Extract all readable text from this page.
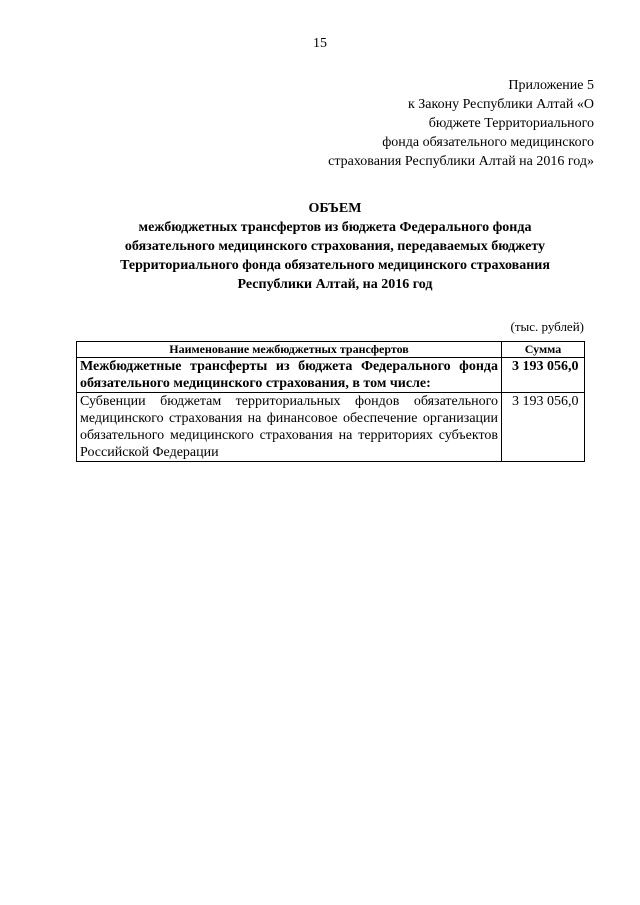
15
Приложение 5
к Закону Республики Алтай «О
бюджете Территориального
фонда обязательного медицинского
страхования Республики Алтай на 2016 год»
ОБЪЕМ
межбюджетных трансфертов из бюджета Федерального фонда
обязательного медицинского страхования, передаваемых бюджету
Территориального фонда обязательного медицинского страхования
Республики Алтай, на 2016 год
(тыс. рублей)
Наименование межбюджетных трансфертов	Сумма
Межбюджетные трансферты из бюджета Федерального фонда обязательного медицинского страхования, в том числе:	3 193 056,0
Субвенции бюджетам территориальных фондов обязательного медицинского страхования на финансовое обеспечение организации обязательного медицинского страхования на территориях субъектов Российской Федерации	3 193 056,0
